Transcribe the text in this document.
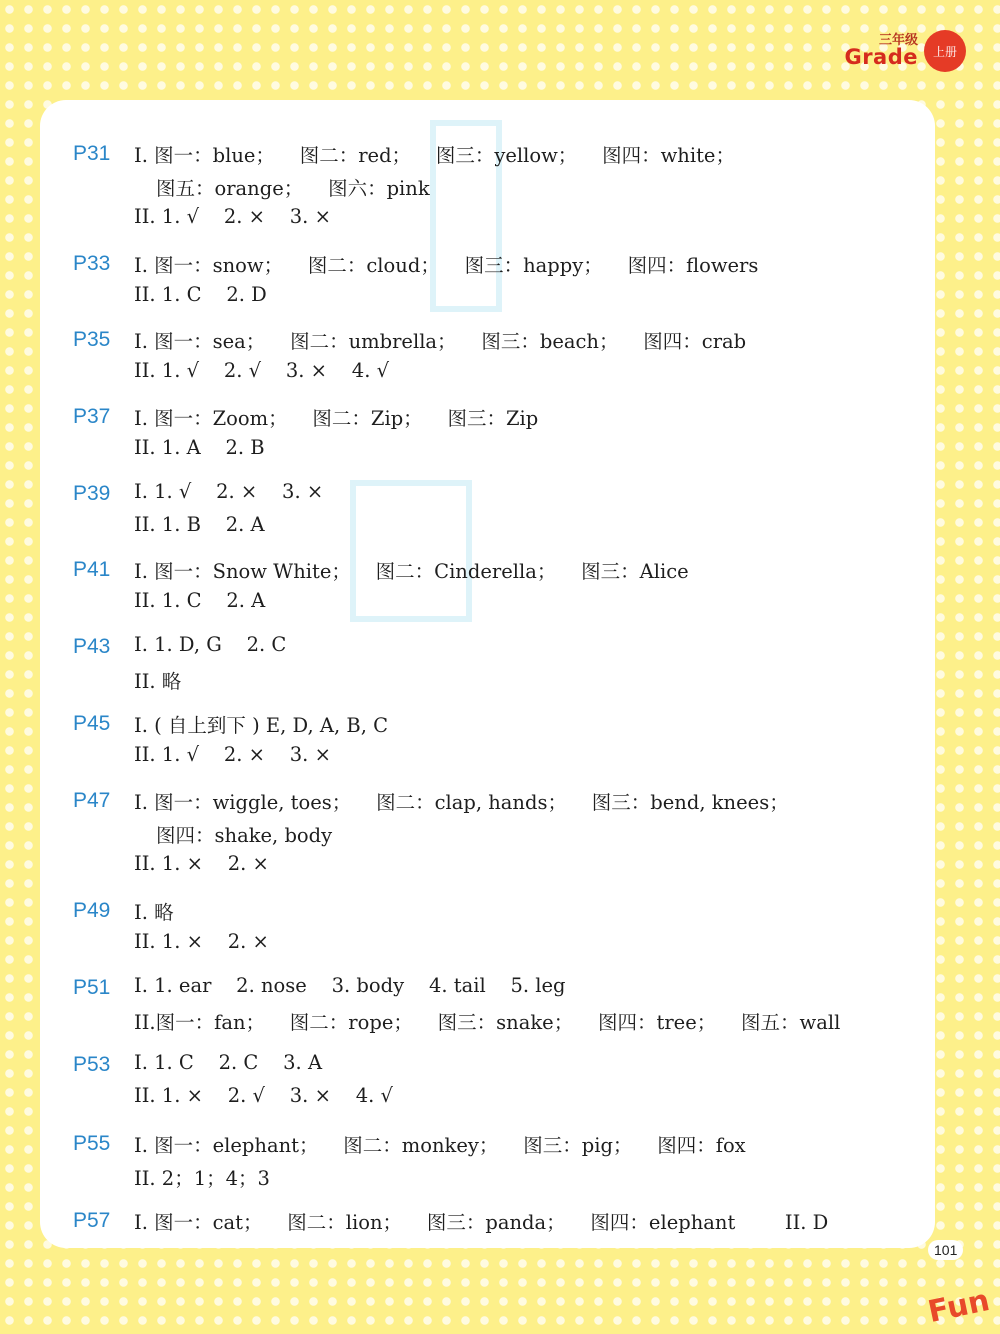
三年级
Grade	上册
P31 I. 图一：blue；    图二：red；    图三：yellow；    图四：white；
图五：orange；    图六：pink
II. 1. √    2. ×    3. ×
P33 I. 图一：snow；    图二：cloud；    图三：happy；    图四：flowers
II. 1. C    2. D
P35 I. 图一：sea；    图二：umbrella；    图三：beach；    图四：crab
II. 1. √    2. √    3. ×    4. √
P37 I. 图一：Zoom；    图二：Zip；    图三：Zip
II. 1. A    2. B
P39 I. 1. √    2. ×    3. ×
II. 1. B    2. A
P41 I. 图一：Snow White；    图二：Cinderella；    图三：Alice
II. 1. C    2. A
P43 I. 1. D, G    2. C
II. 略
P45 I. ( 自上到下 ) E, D, A, B, C
II. 1. √    2. ×    3. ×
P47 I. 图一：wiggle, toes；    图二：clap, hands；    图三：bend, knees；
图四：shake, body
II. 1. ×    2. ×
P49 I. 略
II. 1. ×    2. ×
P51 I. 1. ear    2. nose    3. body    4. tail    5. leg
II.图一：fan；    图二：rope；    图三：snake；    图四：tree；    图五：wall
P53 I. 1. C    2. C    3. A
II. 1. ×    2. √    3. ×    4. √
P55 I. 图一：elephant；    图二：monkey；    图三：pig；    图四：fox
II. 2；1；4；3
P57 I. 图一：cat；    图二：lion；    图三：panda；    图四：elephant        II. D
101
Fun
